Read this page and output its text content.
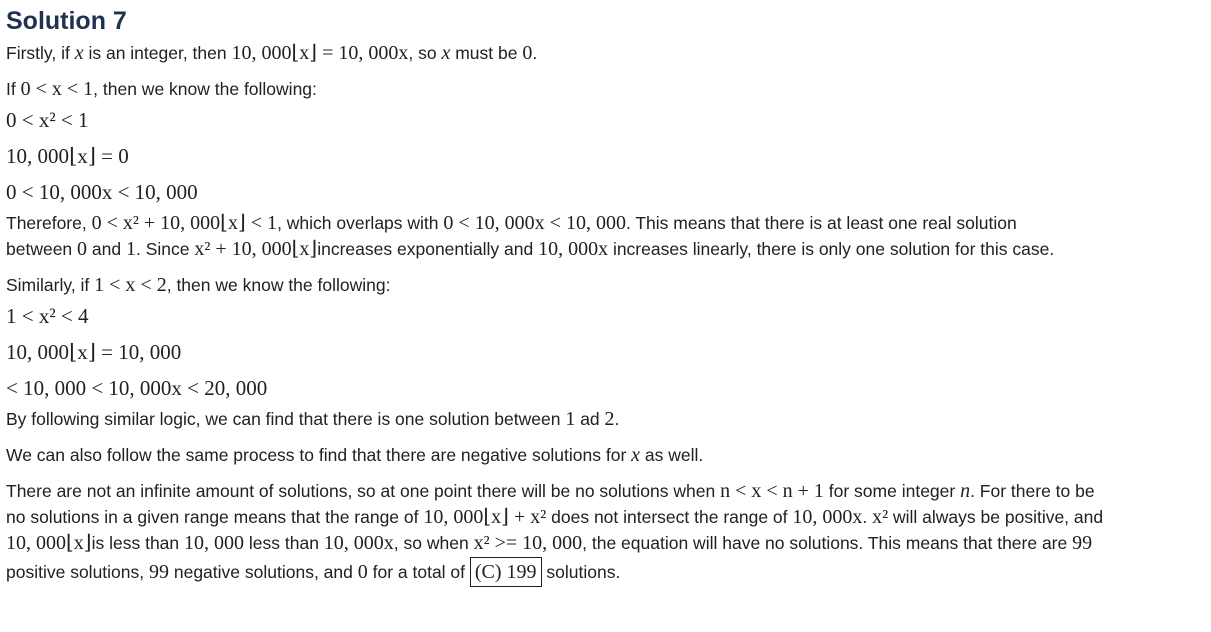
Solution 7

Firstly, if x is an integer, then 10, 000⌊x⌋ = 10, 000x, so x must be 0.

If 0 < x < 1, then we know the following:

0 < x² < 1

10, 000⌊x⌋ = 0

0 < 10, 000x < 10, 000

Therefore, 0 < x² + 10, 000⌊x⌋ < 1, which overlaps with 0 < 10, 000x < 10, 000. This means that there is at least one real solution

between 0 and 1. Since x² + 10, 000⌊x⌋increases exponentially and 10, 000x increases linearly, there is only one solution for this case.

Similarly, if 1 < x < 2, then we know the following:

1 < x² < 4

10, 000⌊x⌋ = 10, 000

< 10, 000 < 10, 000x < 20, 000

By following similar logic, we can find that there is one solution between 1 ad 2.

We can also follow the same process to find that there are negative solutions for x as well.

There are not an infinite amount of solutions, so at one point there will be no solutions when n < x < n + 1 for some integer n. For there to be

no solutions in a given range means that the range of 10, 000⌊x⌋ + x² does not intersect the range of 10, 000x. x² will always be positive, and

10, 000⌊x⌋is less than 10, 000 less than 10, 000x, so when x² >= 10, 000, the equation will have no solutions. This means that there are 99

positive solutions, 99 negative solutions, and 0 for a total of (C) 199 solutions.
